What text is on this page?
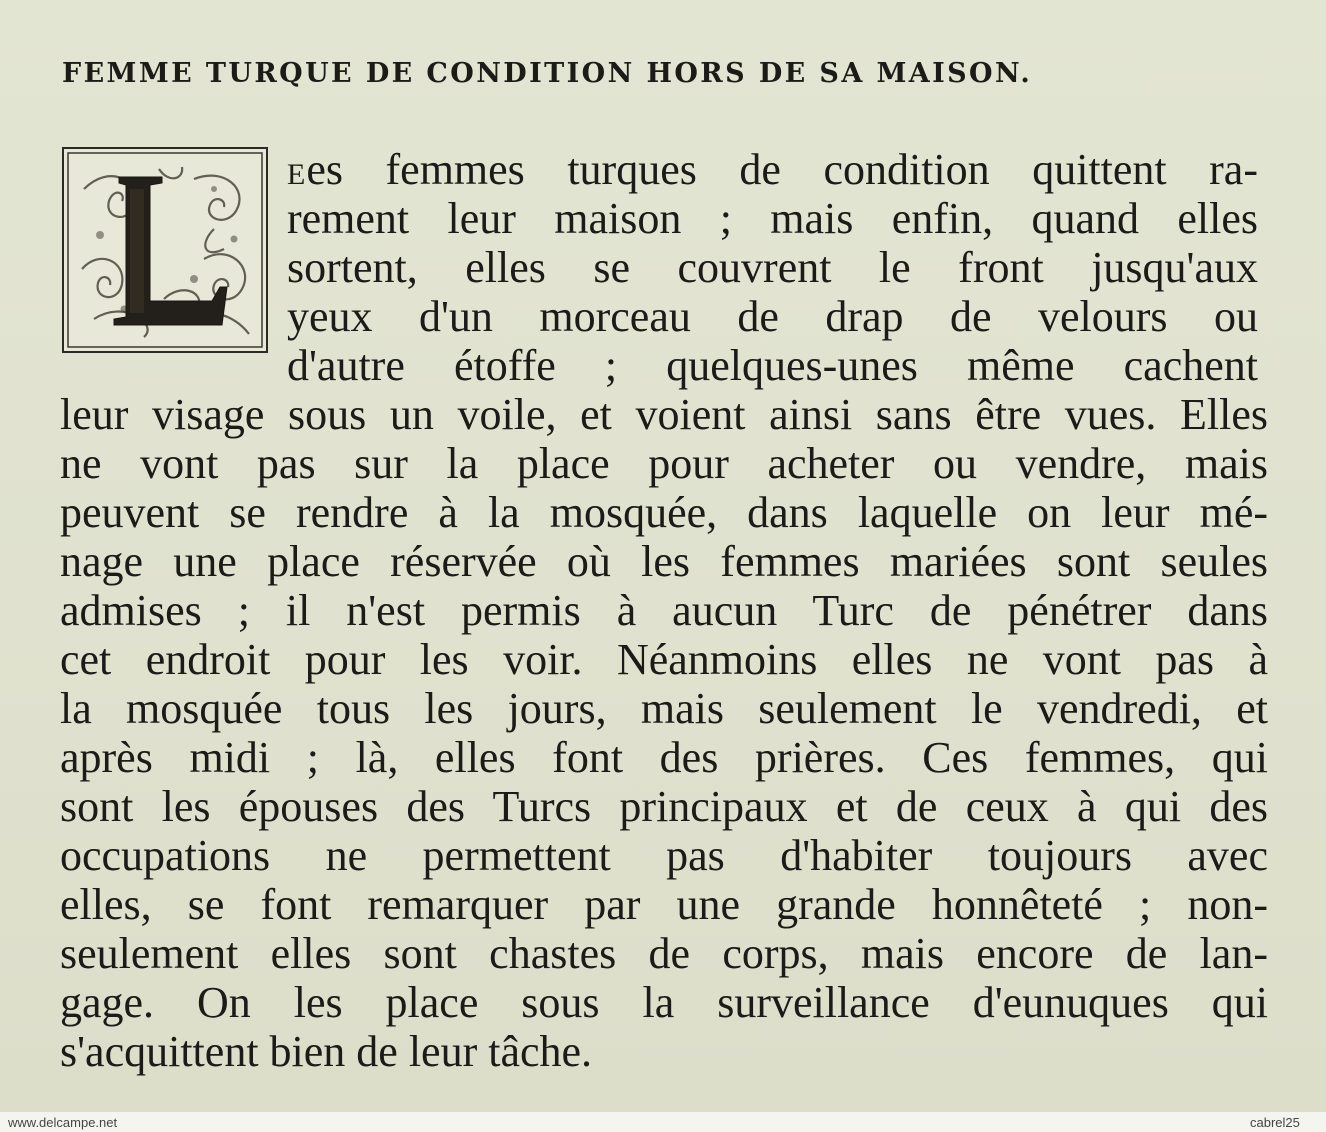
FEMME TURQUE DE CONDITION HORS DE SA MAISON.
Ees femmes turques de condition quittent ra-
rement leur maison ; mais enfin, quand elles
sortent, elles se couvrent le front jusqu'aux
yeux d'un morceau de drap de velours ou
d'autre étoffe ; quelques-unes même cachent
leur visage sous un voile, et voient ainsi sans être vues. Elles
ne vont pas sur la place pour acheter ou vendre, mais
peuvent se rendre à la mosquée, dans laquelle on leur mé-
nage une place réservée où les femmes mariées sont seules
admises ; il n'est permis à aucun Turc de pénétrer dans
cet endroit pour les voir. Néanmoins elles ne vont pas à
la mosquée tous les jours, mais seulement le vendredi, et
après midi ; là, elles font des prières. Ces femmes, qui
sont les épouses des Turcs principaux et de ceux à qui des
occupations ne permettent pas d'habiter toujours avec
elles, se font remarquer par une grande honnêteté ; non-
seulement elles sont chastes de corps, mais encore de lan-
gage. On les place sous la surveillance d'eunuques qui
s'acquittent bien de leur tâche.
www.delcampe.net	cabrel25
